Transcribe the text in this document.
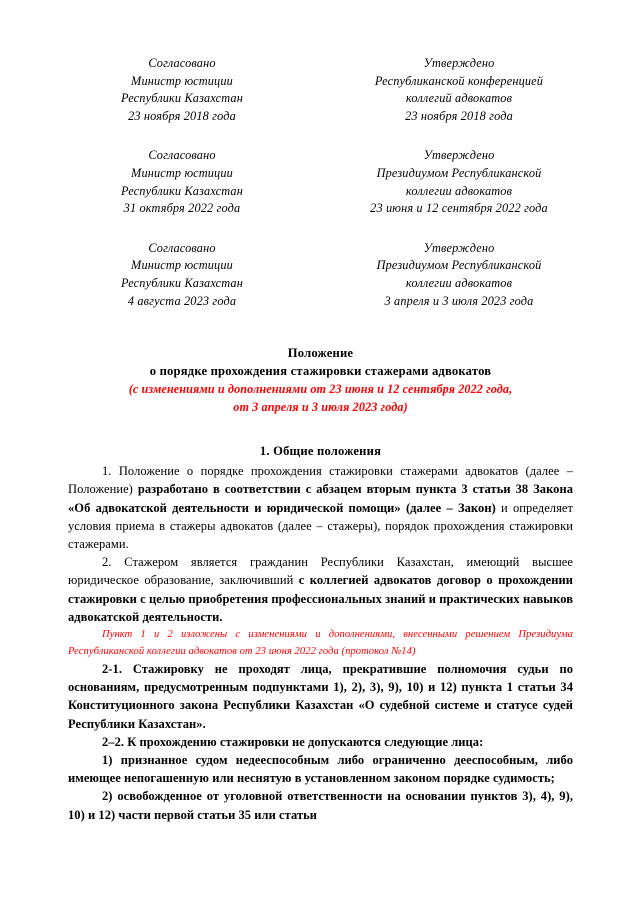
Согласовано
Министр юстиции
Республики Казахстан
23 ноября 2018 года
Утверждено
Республиканской конференцией
коллегий адвокатов
23 ноября 2018 года
Согласовано
Министр юстиции
Республики Казахстан
31 октября 2022 года
Утверждено
Президиумом Республиканской
коллегии адвокатов
23 июня и 12 сентября 2022 года
Согласовано
Министр юстиции
Республики Казахстан
4 августа 2023 года
Утверждено
Президиумом Республиканской
коллегии адвокатов
3 апреля и 3 июля 2023 года
Положение
о порядке прохождения стажировки стажерами адвокатов
(с изменениями и дополнениями от 23 июня и 12 сентября 2022 года,
от 3 апреля и 3 июля 2023 года)
1. Общие положения

1. Положение о порядке прохождения стажировки стажерами адвокатов (далее – Положение) разработано в соответствии с абзацем вторым пункта 3 статьи 38 Закона «Об адвокатской деятельности и юридической помощи» (далее – Закон) и определяет условия приема в стажеры адвокатов (далее – стажеры), порядок прохождения стажировки стажерами.

2. Стажером является гражданин Республики Казахстан, имеющий высшее юридическое образование, заключивший с коллегией адвокатов договор о прохождении стажировки с целью приобретения профессиональных знаний и практических навыков адвокатской деятельности.

Пункт 1 и 2 изложены с изменениями и дополнениями, внесенными решением Президиума Республиканской коллегии адвокатов от 23 июня 2022 года (протокол №14)

2-1. Стажировку не проходят лица, прекратившие полномочия судьи по основаниям, предусмотренным подпунктами 1), 2), 3), 9), 10) и 12) пункта 1 статьи 34 Конституционного закона Республики Казахстан «О судебной системе и статусе судей Республики Казахстан».

2–2. К прохождению стажировки не допускаются следующие лица:

1) признанное судом недееспособным либо ограниченно дееспособным, либо имеющее непогашенную или неснятую в установленном законом порядке судимость;

2) освобожденное от уголовной ответственности на основании пунктов 3), 4), 9), 10) и 12) части первой статьи 35 или статьи
